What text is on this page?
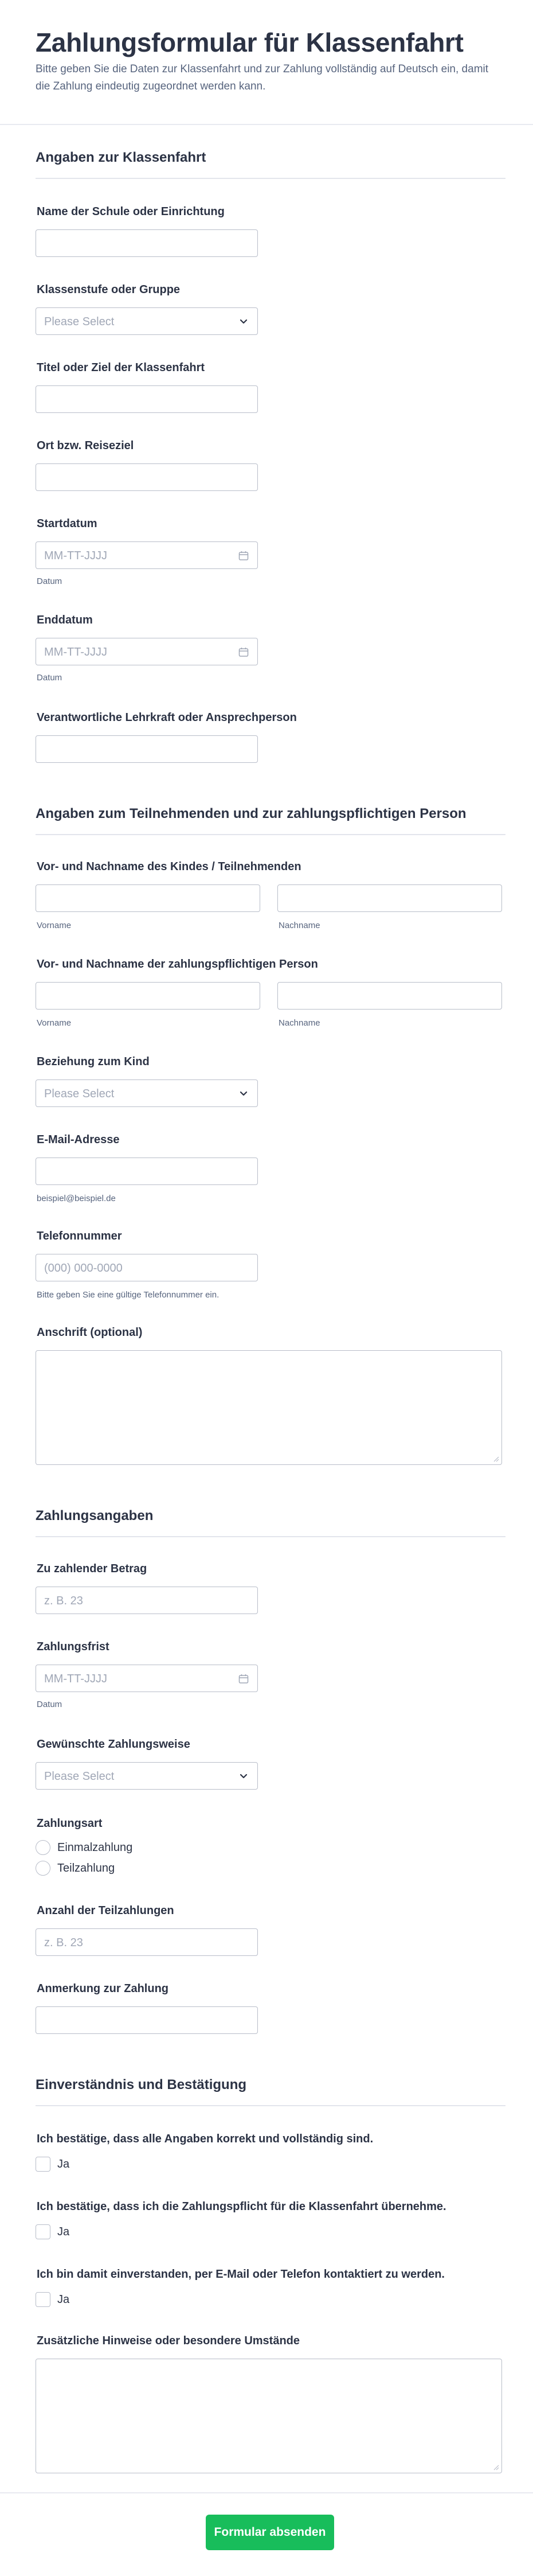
Zahlungsformular für Klassenfahrt
Bitte geben Sie die Daten zur Klassenfahrt und zur Zahlung vollständig auf Deutsch ein, damit die Zahlung eindeutig zugeordnet werden kann.
Angaben zur Klassenfahrt
Name der Schule oder Einrichtung
Klassenstufe oder Gruppe
Please Select
Titel oder Ziel der Klassenfahrt
Ort bzw. Reiseziel
Startdatum
MM-TT-JJJJ
Datum
Enddatum
MM-TT-JJJJ
Datum
Verantwortliche Lehrkraft oder Ansprechperson
Angaben zum Teilnehmenden und zur zahlungspflichtigen Person
Vor- und Nachname des Kindes / Teilnehmenden
Vorname	Nachname
Vor- und Nachname der zahlungspflichtigen Person
Vorname	Nachname
Beziehung zum Kind
Please Select
E-Mail-Adresse
beispiel@beispiel.de
Telefonnummer
(000) 000-0000
Bitte geben Sie eine gültige Telefonnummer ein.
Anschrift (optional)
Zahlungsangaben
Zu zahlender Betrag
z. B. 23
Zahlungsfrist
MM-TT-JJJJ
Datum
Gewünschte Zahlungsweise
Please Select
Zahlungsart
Einmalzahlung
Teilzahlung
Anzahl der Teilzahlungen
z. B. 23
Anmerkung zur Zahlung
Einverständnis und Bestätigung
Ich bestätige, dass alle Angaben korrekt und vollständig sind.
Ja
Ich bestätige, dass ich die Zahlungspflicht für die Klassenfahrt übernehme.
Ja
Ich bin damit einverstanden, per E-Mail oder Telefon kontaktiert zu werden.
Ja
Zusätzliche Hinweise oder besondere Umstände
Formular absenden
